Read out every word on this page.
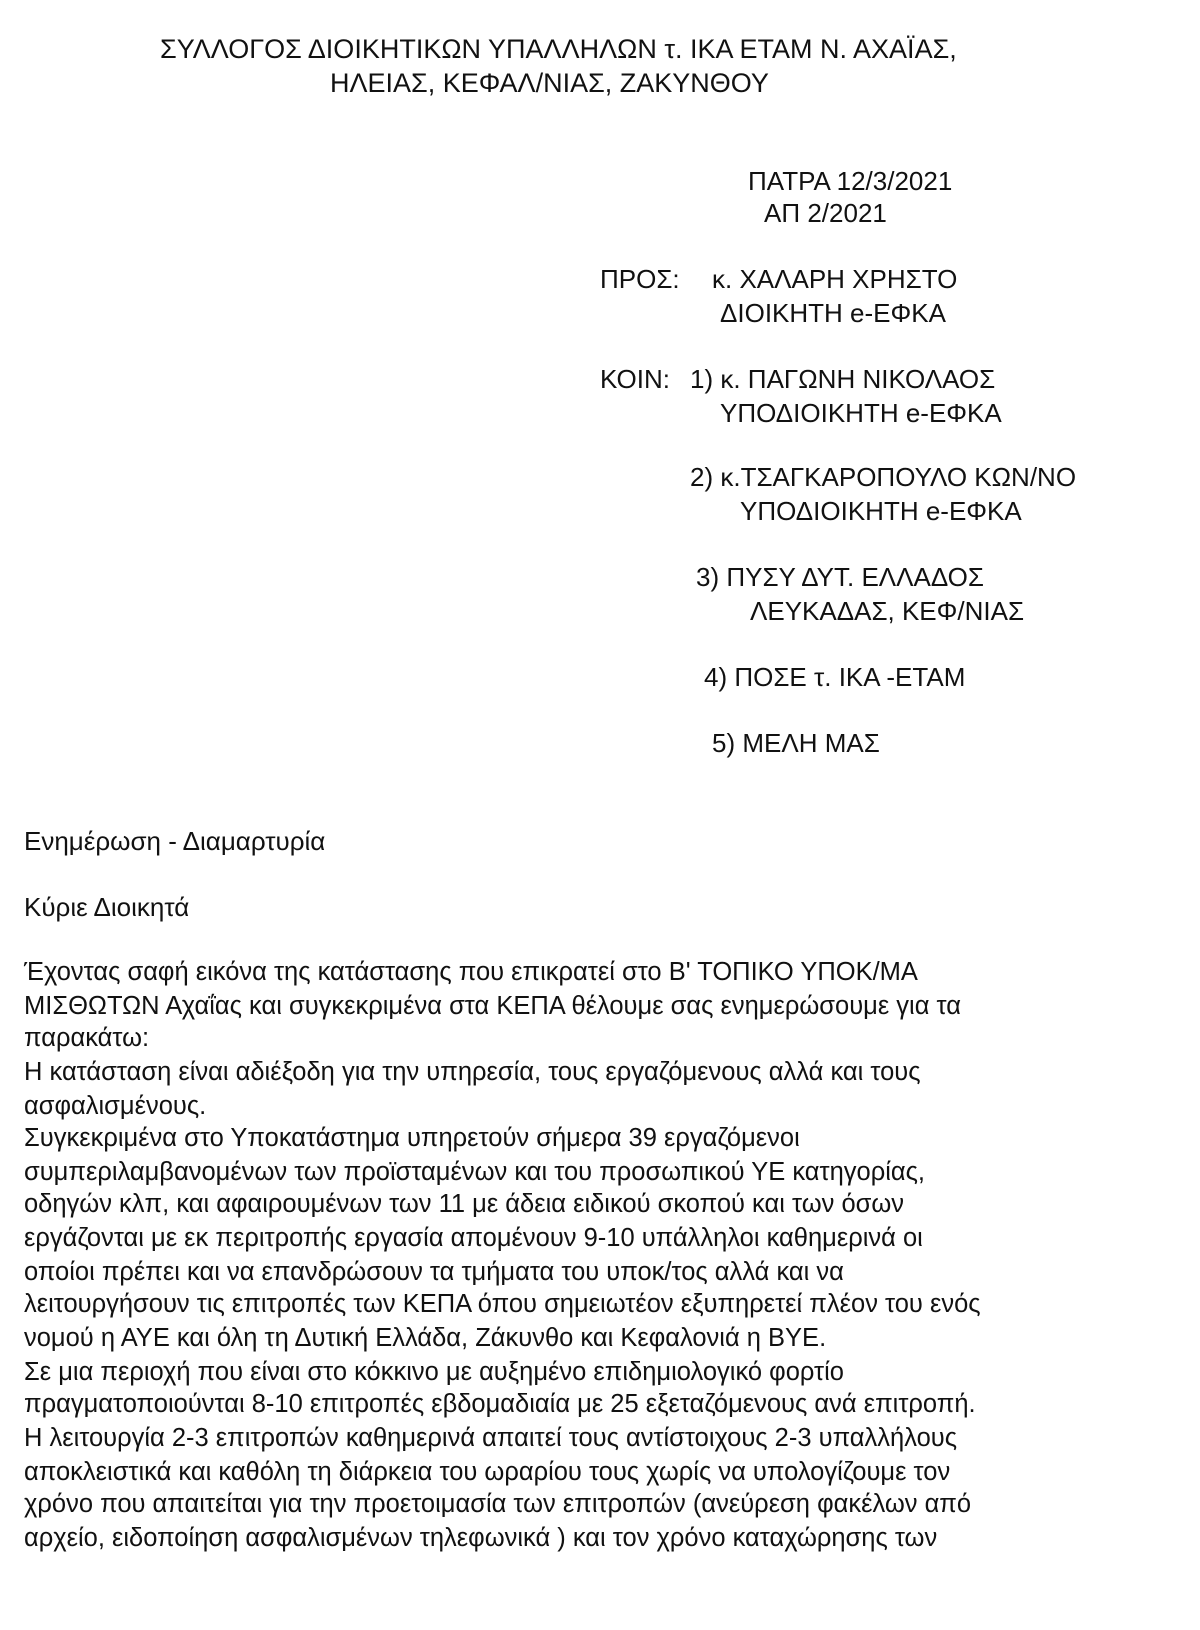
ΣΥΛΛΟΓΟΣ ΔΙΟΙΚΗΤΙΚΩΝ ΥΠΑΛΛΗΛΩΝ τ. ΙΚΑ ΕΤΑΜ Ν. ΑΧΑΪΑΣ,
ΗΛΕΙΑΣ, ΚΕΦΑΛ/ΝΙΑΣ, ΖΑΚΥΝΘΟΥ
ΠΑΤΡΑ 12/3/2021
ΑΠ 2/2021
ΠΡΟΣ: κ. ΧΑΛΑΡΗ ΧΡΗΣΤΟ
ΔΙΟΙΚΗΤΗ e-ΕΦΚΑ
ΚΟΙΝ: 1) κ. ΠΑΓΩΝΗ ΝΙΚΟΛΑΟΣ
ΥΠΟΔΙΟΙΚΗΤΗ e-ΕΦΚΑ
2) κ.ΤΣΑΓΚΑΡΟΠΟΥΛΟ ΚΩΝ/ΝΟ
ΥΠΟΔΙΟΙΚΗΤΗ e-ΕΦΚΑ
3) ΠΥΣΥ ΔΥΤ. ΕΛΛΑΔΟΣ
ΛΕΥΚΑΔΑΣ, ΚΕΦ/ΝΙΑΣ
4) ΠΟΣΕ τ. ΙΚΑ -ΕΤΑΜ
5) ΜΕΛΗ ΜΑΣ
Ενημέρωση - Διαμαρτυρία
Κύριε Διοικητά
Έχοντας σαφή εικόνα της κατάστασης που επικρατεί στο Β' ΤΟΠΙΚΟ ΥΠΟΚ/ΜΑ
ΜΙΣΘΩΤΩΝ Αχαΐας και συγκεκριμένα στα ΚΕΠΑ θέλουμε σας ενημερώσουμε για τα
παρακάτω:
Η κατάσταση είναι αδιέξοδη για την υπηρεσία, τους εργαζόμενους αλλά και τους
ασφαλισμένους.
Συγκεκριμένα στο Υποκατάστημα υπηρετούν σήμερα 39 εργαζόμενοι
συμπεριλαμβανομένων των προϊσταμένων και του προσωπικού ΥΕ κατηγορίας,
οδηγών κλπ, και αφαιρουμένων των 11 με άδεια ειδικού σκοπού και των όσων
εργάζονται με εκ περιτροπής εργασία απομένουν 9-10 υπάλληλοι καθημερινά οι
οποίοι πρέπει και να επανδρώσουν τα τμήματα του υποκ/τος αλλά και να
λειτουργήσουν τις επιτροπές των ΚΕΠΑ όπου σημειωτέον εξυπηρετεί πλέον του ενός
νομού η ΑΥΕ και όλη τη Δυτική Ελλάδα, Ζάκυνθο και Κεφαλονιά η ΒΥΕ.
Σε μια περιοχή που είναι στο κόκκινο με αυξημένο επιδημιολογικό φορτίο
πραγματοποιούνται 8-10 επιτροπές εβδομαδιαία με 25 εξεταζόμενους ανά επιτροπή.
Η λειτουργία 2-3 επιτροπών καθημερινά απαιτεί τους αντίστοιχους 2-3 υπαλλήλους
αποκλειστικά και καθόλη τη διάρκεια του ωραρίου τους χωρίς να υπολογίζουμε τον
χρόνο που απαιτείται για την προετοιμασία των επιτροπών (ανεύρεση φακέλων από
αρχείο, ειδοποίηση ασφαλισμένων τηλεφωνικά ) και τον χρόνο καταχώρησης των
